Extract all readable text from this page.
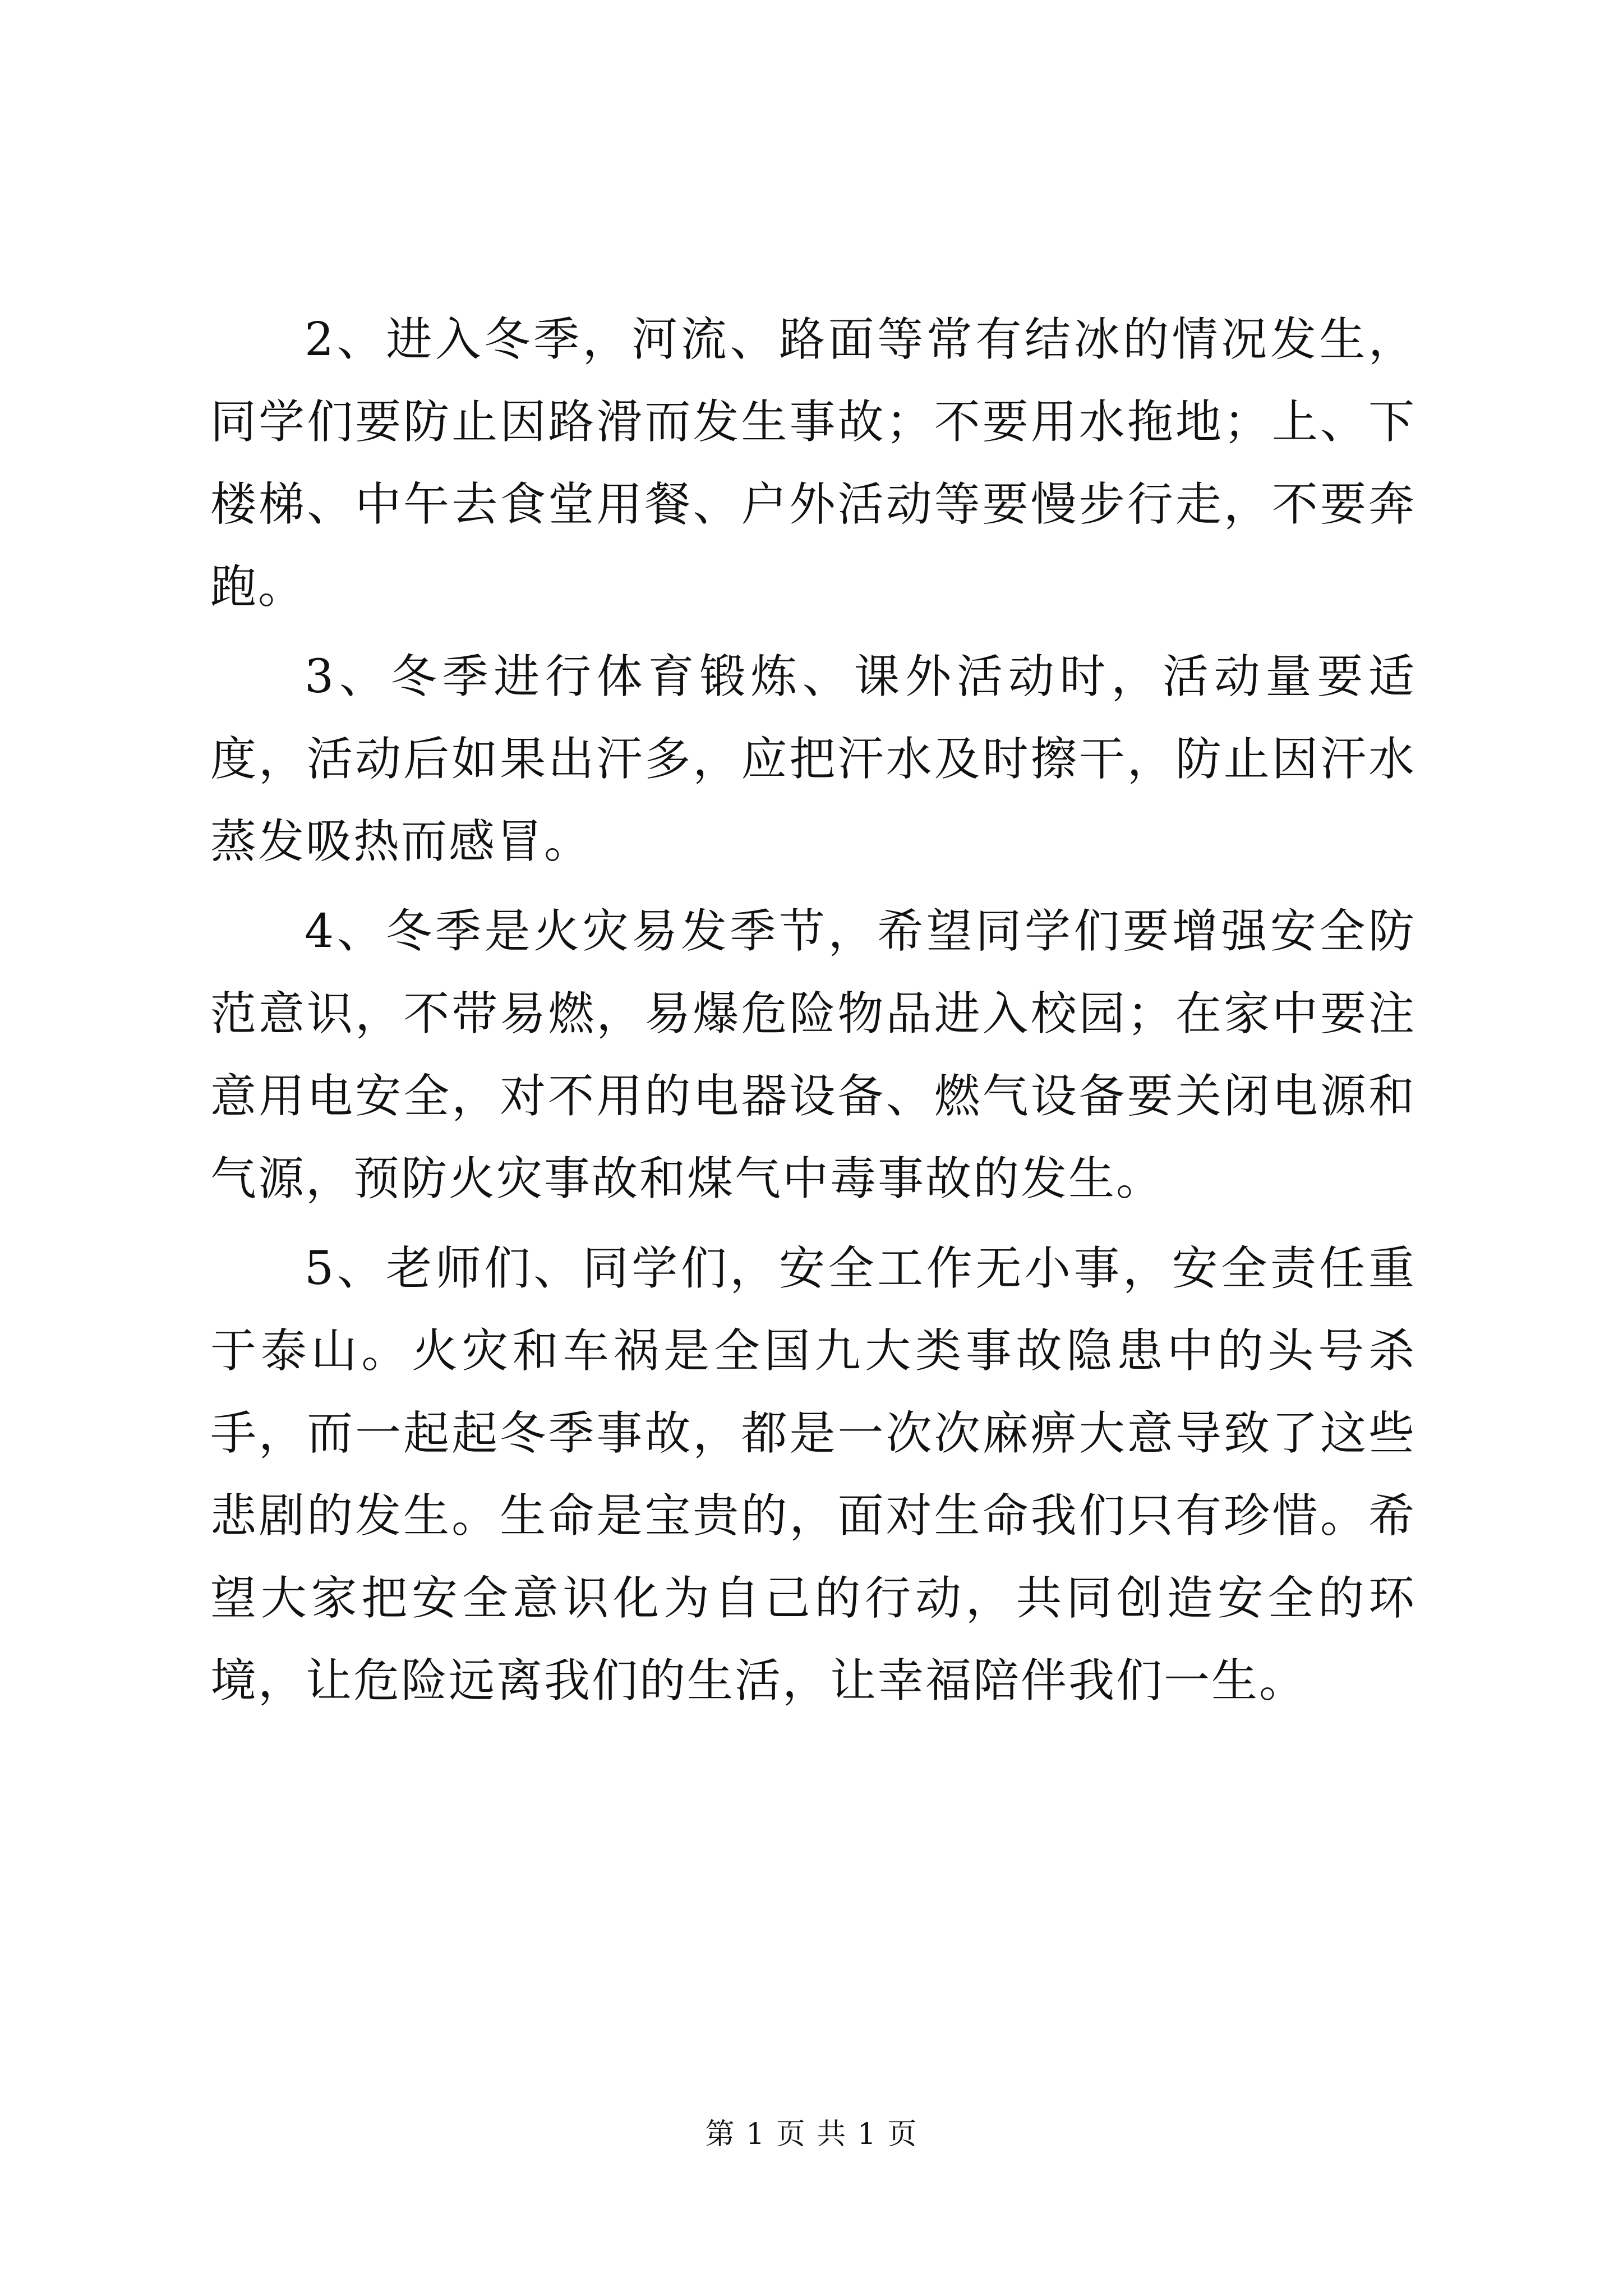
2、进入冬季，河流、路面等常有结冰的情况发生，同学们要防止因路滑而发生事故；不要用水拖地；上、下楼梯、中午去食堂用餐、户外活动等要慢步行走，不要奔跑。

3、冬季进行体育锻炼、课外活动时，活动量要适度，活动后如果出汗多，应把汗水及时擦干，防止因汗水蒸发吸热而感冒。

4、冬季是火灾易发季节，希望同学们要增强安全防范意识，不带易燃，易爆危险物品进入校园；在家中要注意用电安全，对不用的电器设备、燃气设备要关闭电源和气源，预防火灾事故和煤气中毒事故的发生。

5、老师们、同学们，安全工作无小事，安全责任重于泰山。火灾和车祸是全国九大类事故隐患中的头号杀手，而一起起冬季事故，都是一次次麻痹大意导致了这些悲剧的发生。生命是宝贵的，面对生命我们只有珍惜。希望大家把安全意识化为自己的行动，共同创造安全的环境，让危险远离我们的生活，让幸福陪伴我们一生。

第 1 页 共 1 页
